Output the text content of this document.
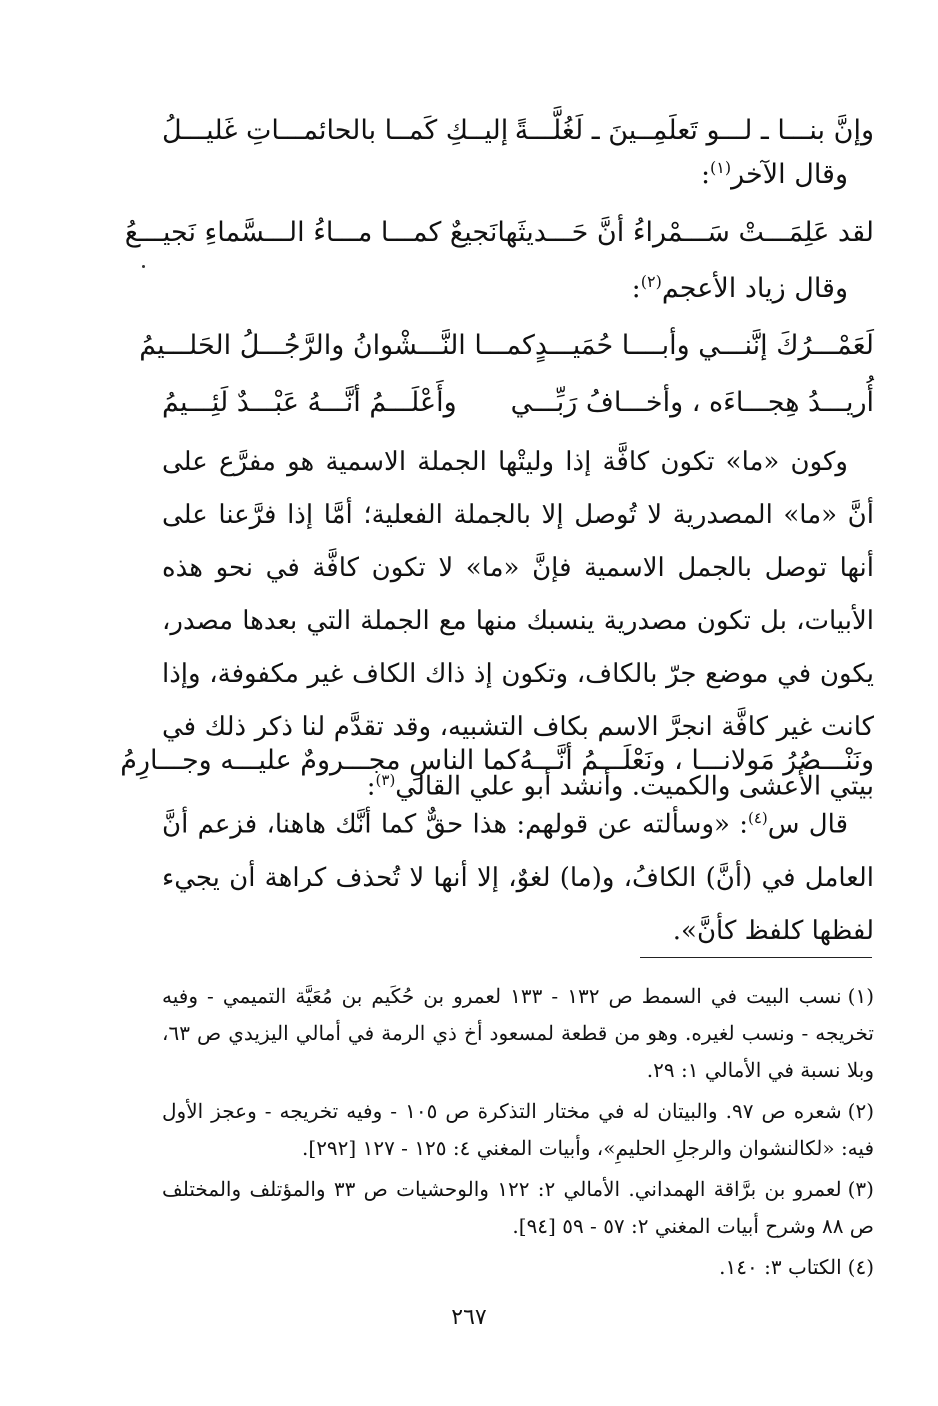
وإنَّ بنـــا ـ لـــو تَعلَمِــينَ ـ لَغُلَّـــةً
إليــكِ كَمــا بالحائمـــاتِ غَليـــلُ
وقال الآخر$^{(١)}$:
لقد عَلِمَـــتْ سَـــمْراءُ أنَّ حَـــديثَها
نَجيعٌ كمـــا مـــاءُ الـــسَّماءِ نَجيـــعُ
وقال زياد الأعجم$^{(٢)}$:
لَعَمْـــرُكَ إنَّنـــي وأبــــا حُمَيـــدٍ
كمـــا النَّـــشْوانُ والرَّجُـــلُ الحَلـــيمُ
أُريـــدُ هِجـــاءَه ، وأخـــافُ رَبِّـــي
وأَعْلَـــمُ أنَّـــهُ عَبْـــدٌ لَئِـــيمُ

وكون «ما» تكون كافَّة إذا وليتْها الجملة الاسمية هو مفرَّع على أنَّ «ما» المصدرية لا تُوصل إلا بالجملة الفعلية؛ أمَّا إذا فرَّعنا على أنها توصل بالجمل الاسمية فإنَّ «ما» لا تكون كافَّة في نحو هذه الأبيات، بل تكون مصدرية ينسبك منها مع الجملة التي بعدها مصدر، يكون في موضع جرّ بالكاف، وتكون إذ ذاك الكاف غير مكفوفة، وإذا كانت غير كافَّة انجرَّ الاسم بكاف التشبيه، وقد تقدَّم لنا ذكر ذلك في بيتي الأعشى والكميت. وأنشد أبو علي القالي$^{(٣)}$:

ونَنْـــصُرُ مَولانـــا ، ونَعْلَـــمُ أنَّـــهُ
كما الناسِ مجـــرومٌ عليـــه وجـــارِمُ

قال س$^{(٤)}$: «وسألته عن قولهم: هذا حقٌّ كما أنَّك هاهنا، فزعم أنَّ العامل في (أنَّ) الكافُ، و(ما) لغوٌ، إلا أنها لا تُحذف كراهة أن يجيء لفظها كلفظ كأنَّ».

(١)نسب البيت في السمط ص ١٣٢ - ١٣٣ لعمرو بن حُكَيم بن مُعَيَّة التميمي - وفيه تخريجه - ونسب لغيره. وهو من قطعة لمسعود أخ ذي الرمة في أمالي اليزيدي ص ٦٣، وبلا نسبة في الأمالي ١: ٢٩.

(٢)شعره ص ٩٧. والبيتان له في مختار التذكرة ص ١٠٥ - وفيه تخريجه - وعجز الأول فيه: «لكالنشوان والرجلِ الحليمِ»، وأبيات المغني ٤: ١٢٥ - ١٢٧ [٢٩٢].

(٣)لعمرو بن برَّاقة الهمداني. الأمالي ٢: ١٢٢ والوحشيات ص ٣٣ والمؤتلف والمختلف ص ٨٨ وشرح أبيات المغني ٢: ٥٧ - ٥٩ [٩٤].

(٤)الكتاب ٣: ١٤٠.

٢٦٧
